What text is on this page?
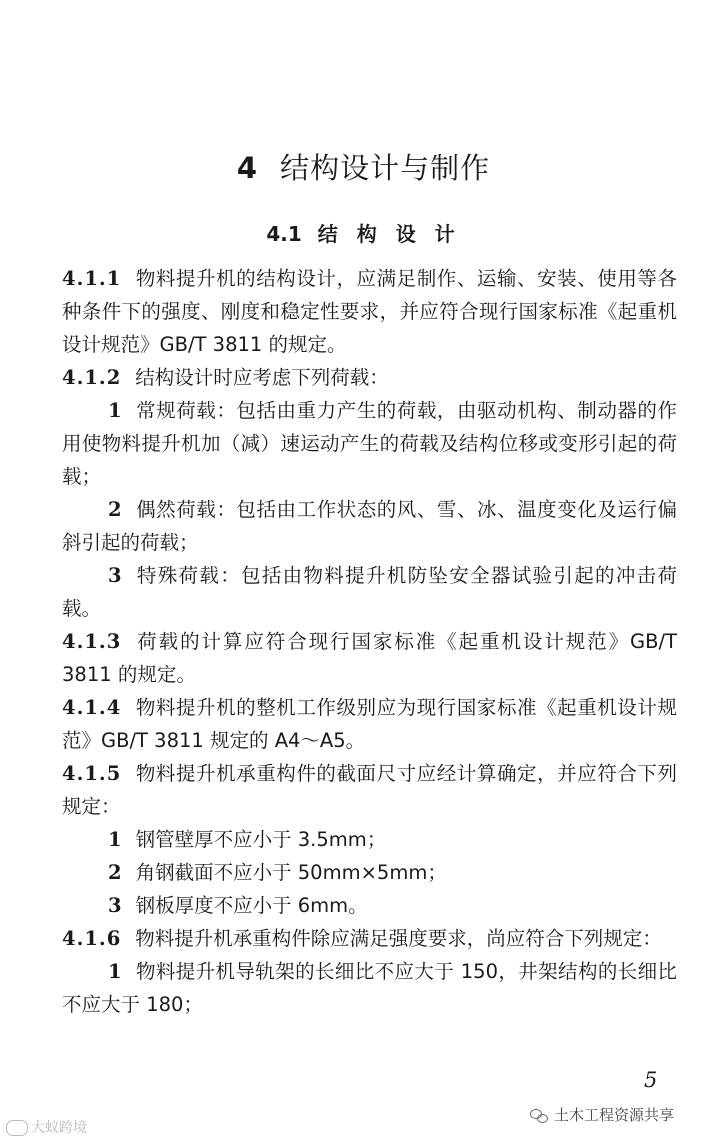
4 结构设计与制作
4.1 结 构 设 计

4.1.1 物料提升机的结构设计，应满足制作、运输、安装、使用等各种条件下的强度、刚度和稳定性要求，并应符合现行国家标准《起重机设计规范》GB/T 3811 的规定。

4.1.2 结构设计时应考虑下列荷载：

1 常规荷载：包括由重力产生的荷载，由驱动机构、制动器的作用使物料提升机加（减）速运动产生的荷载及结构位移或变形引起的荷载；

2 偶然荷载：包括由工作状态的风、雪、冰、温度变化及运行偏斜引起的荷载；

3 特殊荷载：包括由物料提升机防坠安全器试验引起的冲击荷载。

4.1.3 荷载的计算应符合现行国家标准《起重机设计规范》GB/T 3811 的规定。

4.1.4 物料提升机的整机工作级别应为现行国家标准《起重机设计规范》GB/T 3811 规定的 A4～A5。

4.1.5 物料提升机承重构件的截面尺寸应经计算确定，并应符合下列规定：

1 钢管壁厚不应小于 3.5mm；

2 角钢截面不应小于 50mm×5mm；

3 钢板厚度不应小于 6mm。

4.1.6 物料提升机承重构件除应满足强度要求，尚应符合下列规定：

1 物料提升机导轨架的长细比不应大于 150，井架结构的长细比不应大于 180；

5
大蚁跨境
土木工程资源共享
